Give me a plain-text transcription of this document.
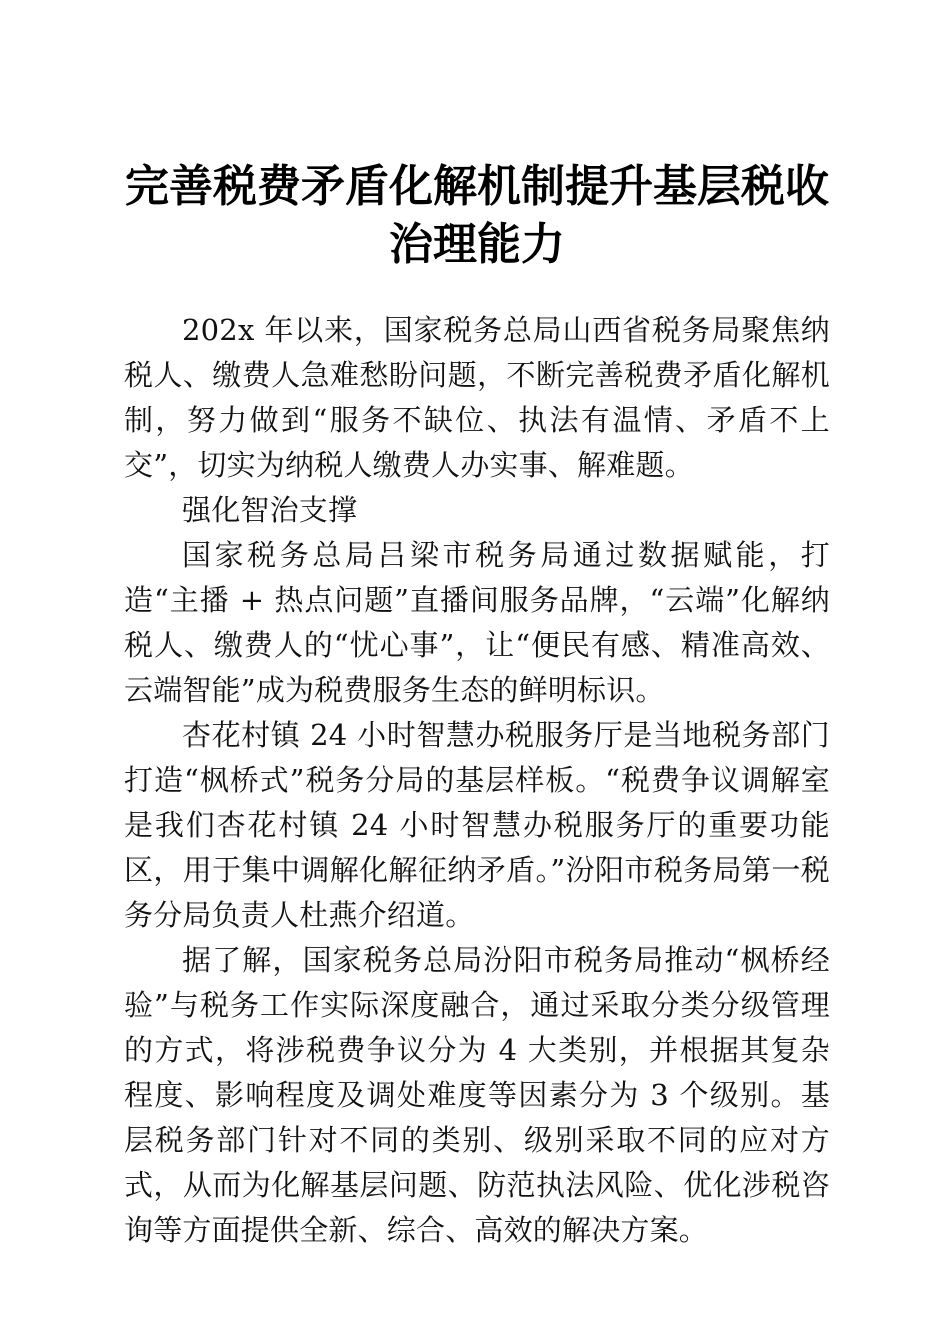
完善税费矛盾化解机制提升基层税收治理能力

202x 年以来，国家税务总局山西省税务局聚焦纳税人、缴费人急难愁盼问题，不断完善税费矛盾化解机制，努力做到“服务不缺位、执法有温情、矛盾不上交”，切实为纳税人缴费人办实事、解难题。

强化智治支撑

国家税务总局吕梁市税务局通过数据赋能，打造“主播 + 热点问题”直播间服务品牌，“云端”化解纳税人、缴费人的“忧心事”，让“便民有感、精准高效、云端智能”成为税费服务生态的鲜明标识。

杏花村镇 24 小时智慧办税服务厅是当地税务部门打造“枫桥式”税务分局的基层样板。“税费争议调解室是我们杏花村镇 24 小时智慧办税服务厅的重要功能区，用于集中调解化解征纳矛盾。”汾阳市税务局第一税务分局负责人杜燕介绍道。

据了解，国家税务总局汾阳市税务局推动“枫桥经验”与税务工作实际深度融合，通过采取分类分级管理的方式，将涉税费争议分为 4 大类别，并根据其复杂程度、影响程度及调处难度等因素分为 3 个级别。基层税务部门针对不同的类别、级别采取不同的应对方式，从而为化解基层问题、防范执法风险、优化涉税咨询等方面提供全新、综合、高效的解决方案。
